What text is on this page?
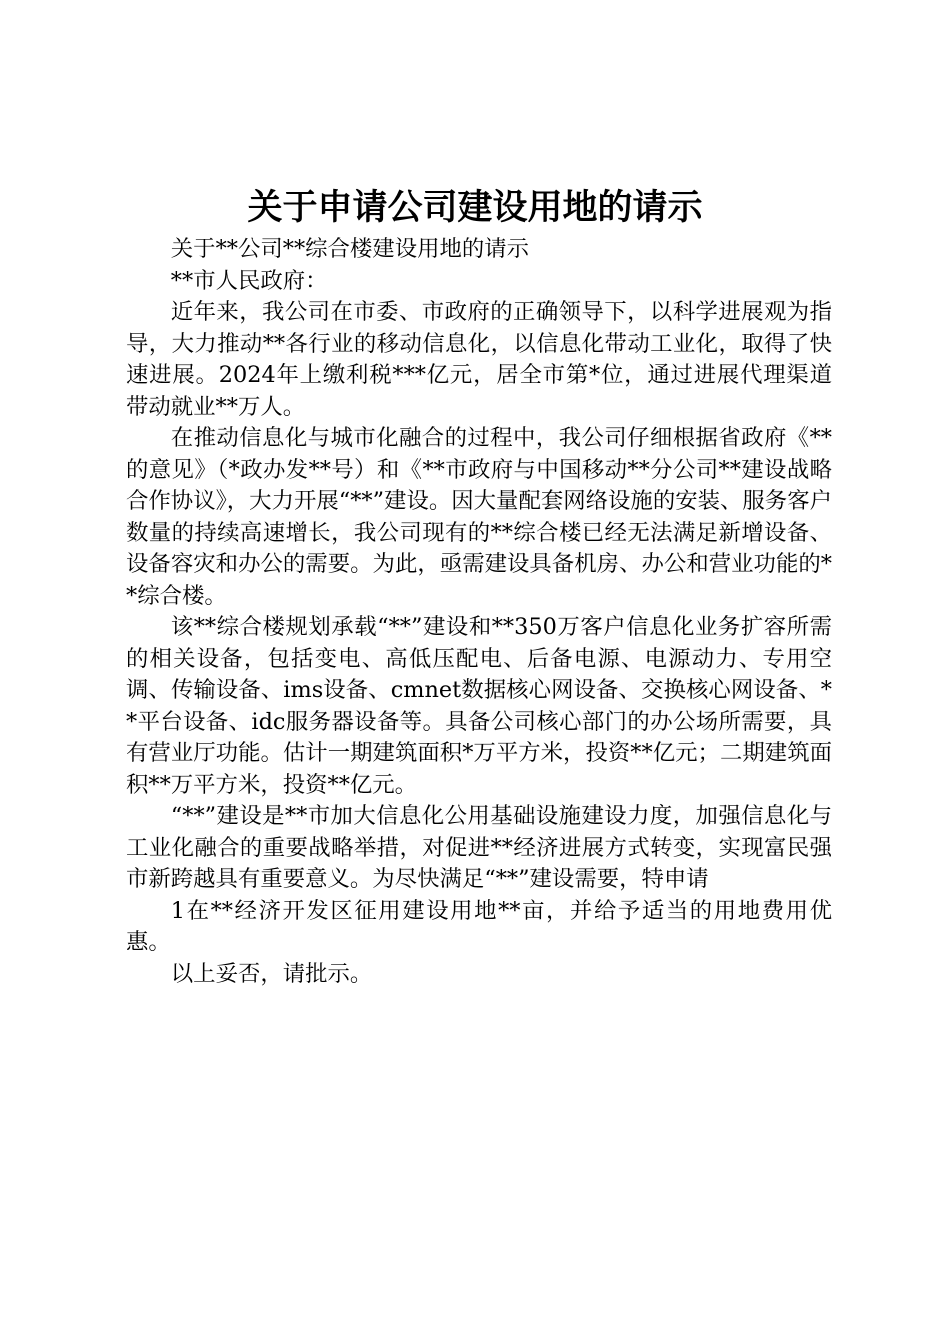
关于申请公司建设用地的请示

关于**公司**综合楼建设用地的请示

**市人民政府：

近年来，我公司在市委、市政府的正确领导下，以科学进展观为指导，大力推动**各行业的移动信息化，以信息化带动工业化，取得了快速进展。2024年上缴利税***亿元，居全市第*位，通过进展代理渠道带动就业**万人。

在推动信息化与城市化融合的过程中，我公司仔细根据省政府《**的意见》（*政办发**号）和《**市政府与中国移动**分公司**建设战略合作协议》，大力开展“**”建设。因大量配套网络设施的安装、服务客户数量的持续高速增长，我公司现有的**综合楼已经无法满足新增设备、设备容灾和办公的需要。为此，亟需建设具备机房、办公和营业功能的**综合楼。

该**综合楼规划承载“**”建设和**350万客户信息化业务扩容所需的相关设备，包括变电、高低压配电、后备电源、电源动力、专用空调、传输设备、ims设备、cmnet数据核心网设备、交换核心网设备、**平台设备、idc服务器设备等。具备公司核心部门的办公场所需要，具有营业厅功能。估计一期建筑面积*万平方米，投资**亿元；二期建筑面积**万平方米，投资**亿元。

“**”建设是**市加大信息化公用基础设施建设力度，加强信息化与工业化融合的重要战略举措，对促进**经济进展方式转变，实现富民强市新跨越具有重要意义。为尽快满足“**”建设需要，特申请

1在**经济开发区征用建设用地**亩，并给予适当的用地费用优惠。

以上妥否，请批示。
